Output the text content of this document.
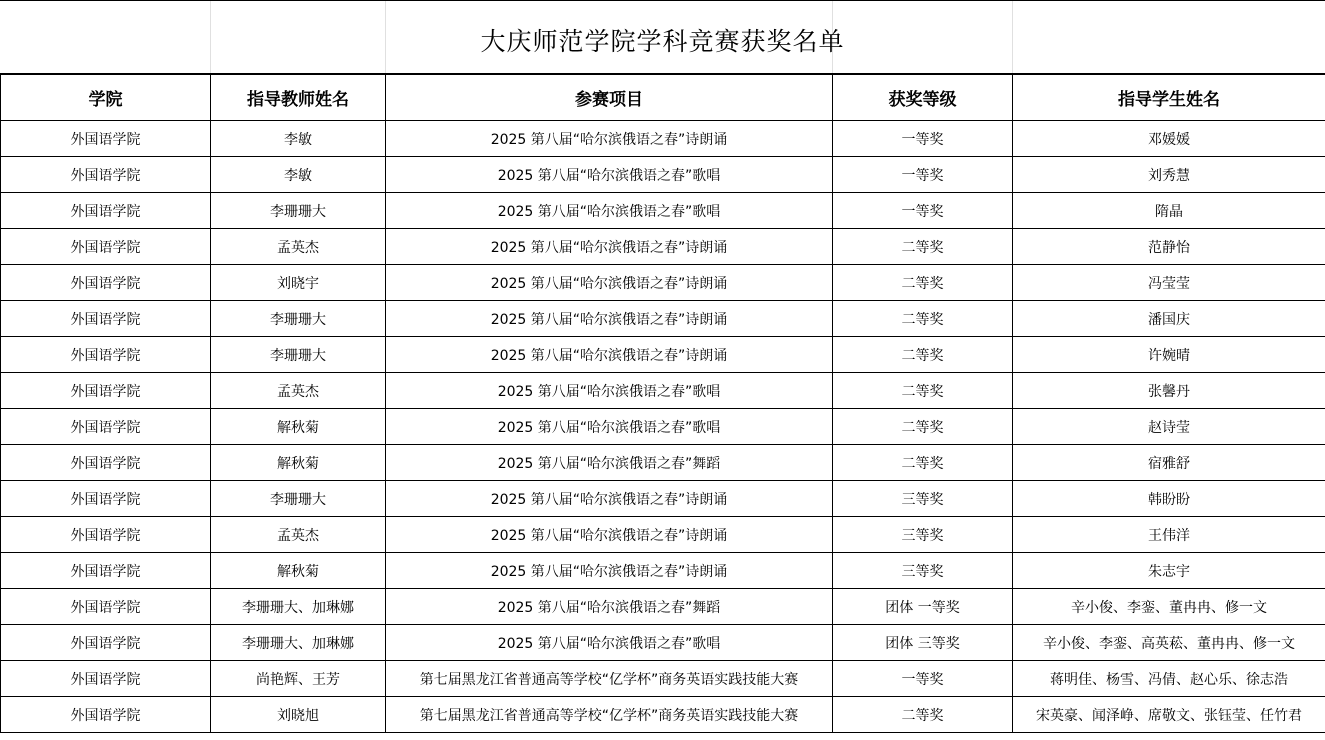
大庆师范学院学科竞赛获奖名单
学院	指导教师姓名	参赛项目	获奖等级	指导学生姓名
外国语学院	李敏	2025 第八届“哈尔滨俄语之春”诗朗诵	一等奖	邓媛媛
外国语学院	李敏	2025 第八届“哈尔滨俄语之春”歌唱	一等奖	刘秀慧
外国语学院	李珊珊大	2025 第八届“哈尔滨俄语之春”歌唱	一等奖	隋晶
外国语学院	孟英杰	2025 第八届“哈尔滨俄语之春”诗朗诵	二等奖	范静怡
外国语学院	刘晓宇	2025 第八届“哈尔滨俄语之春”诗朗诵	二等奖	冯莹莹
外国语学院	李珊珊大	2025 第八届“哈尔滨俄语之春”诗朗诵	二等奖	潘国庆
外国语学院	李珊珊大	2025 第八届“哈尔滨俄语之春”诗朗诵	二等奖	许婉晴
外国语学院	孟英杰	2025 第八届“哈尔滨俄语之春”歌唱	二等奖	张馨丹
外国语学院	解秋菊	2025 第八届“哈尔滨俄语之春”歌唱	二等奖	赵诗莹
外国语学院	解秋菊	2025 第八届“哈尔滨俄语之春”舞蹈	二等奖	宿雅舒
外国语学院	李珊珊大	2025 第八届“哈尔滨俄语之春”诗朗诵	三等奖	韩盼盼
外国语学院	孟英杰	2025 第八届“哈尔滨俄语之春”诗朗诵	三等奖	王伟洋
外国语学院	解秋菊	2025 第八届“哈尔滨俄语之春”诗朗诵	三等奖	朱志宇
外国语学院	李珊珊大、加琳娜	2025 第八届“哈尔滨俄语之春”舞蹈	团体 一等奖	辛小俊、李銮、董冉冉、修一文
外国语学院	李珊珊大、加琳娜	2025 第八届“哈尔滨俄语之春”歌唱	团体 三等奖	辛小俊、李銮、高英菘、董冉冉、修一文
外国语学院	尚艳辉、王芳	第七届黑龙江省普通高等学校“亿学杯”商务英语实践技能大赛	一等奖	蒋明佳、杨雪、冯倩、赵心乐、徐志浩
外国语学院	刘晓旭	第七届黑龙江省普通高等学校“亿学杯”商务英语实践技能大赛	二等奖	宋英豪、闻泽峥、席敬文、张钰莹、任竹君
